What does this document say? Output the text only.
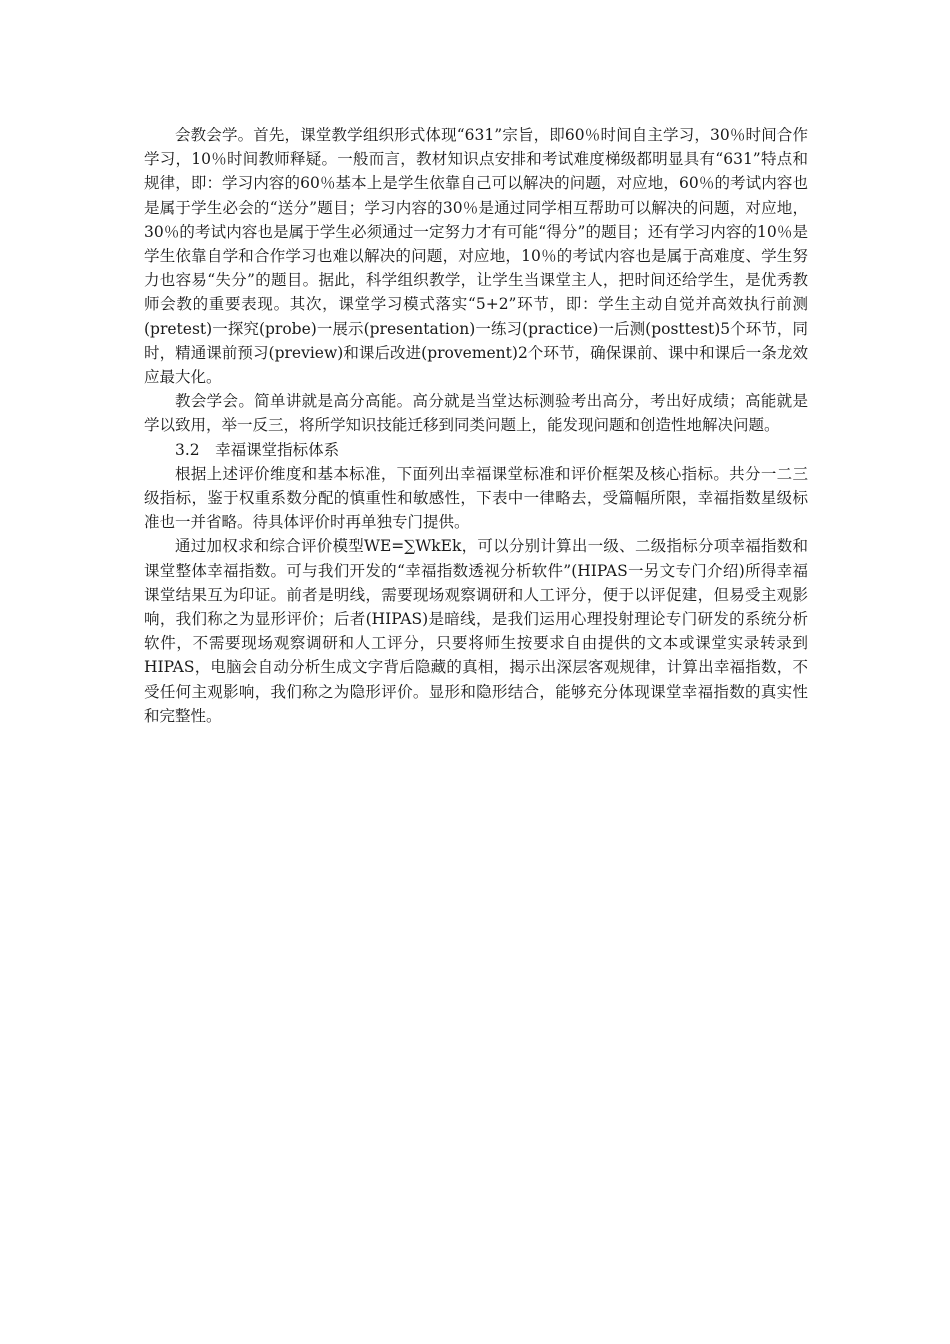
会教会学。首先，课堂教学组织形式体现“631”宗旨，即60％时间自主学习，30％时间合作学习，10％时间教师释疑。一般而言，教材知识点安排和考试难度梯级都明显具有“631”特点和规律，即：学习内容的60％基本上是学生依靠自己可以解决的问题，对应地，60％的考试内容也是属于学生必会的“送分”题目；学习内容的30％是通过同学相互帮助可以解决的问题，对应地，30％的考试内容也是属于学生必须通过一定努力才有可能“得分”的题目；还有学习内容的10％是学生依靠自学和合作学习也难以解决的问题，对应地，10％的考试内容也是属于高难度、学生努力也容易“失分”的题目。据此，科学组织教学，让学生当课堂主人，把时间还给学生，是优秀教师会教的重要表现。其次，课堂学习模式落实“5+2”环节，即：学生主动自觉并高效执行前测(pretest)一探究(probe)一展示(presentation)一练习(practice)一后测(posttest)5个环节，同时，精通课前预习(preview)和课后改进(provement)2个环节，确保课前、课中和课后一条龙效应最大化。

教会学会。简单讲就是高分高能。高分就是当堂达标测验考出高分，考出好成绩；高能就是学以致用，举一反三，将所学知识技能迁移到同类问题上，能发现问题和创造性地解决问题。

3.2 幸福课堂指标体系

根据上述评价维度和基本标准，下面列出幸福课堂标准和评价框架及核心指标。共分一二三级指标，鉴于权重系数分配的慎重性和敏感性，下表中一律略去，受篇幅所限，幸福指数星级标准也一并省略。待具体评价时再单独专门提供。

通过加权求和综合评价模型WE=∑WkEk，可以分别计算出一级、二级指标分项幸福指数和课堂整体幸福指数。可与我们开发的“幸福指数透视分析软件”(HIPAS一另文专门介绍)所得幸福课堂结果互为印证。前者是明线，需要现场观察调研和人工评分，便于以评促建，但易受主观影响，我们称之为显形评价；后者(HIPAS)是暗线，是我们运用心理投射理论专门研发的系统分析软件，不需要现场观察调研和人工评分，只要将师生按要求自由提供的文本或课堂实录转录到HIPAS，电脑会自动分析生成文字背后隐藏的真相，揭示出深层客观规律，计算出幸福指数，不受任何主观影响，我们称之为隐形评价。显形和隐形结合，能够充分体现课堂幸福指数的真实性和完整性。
